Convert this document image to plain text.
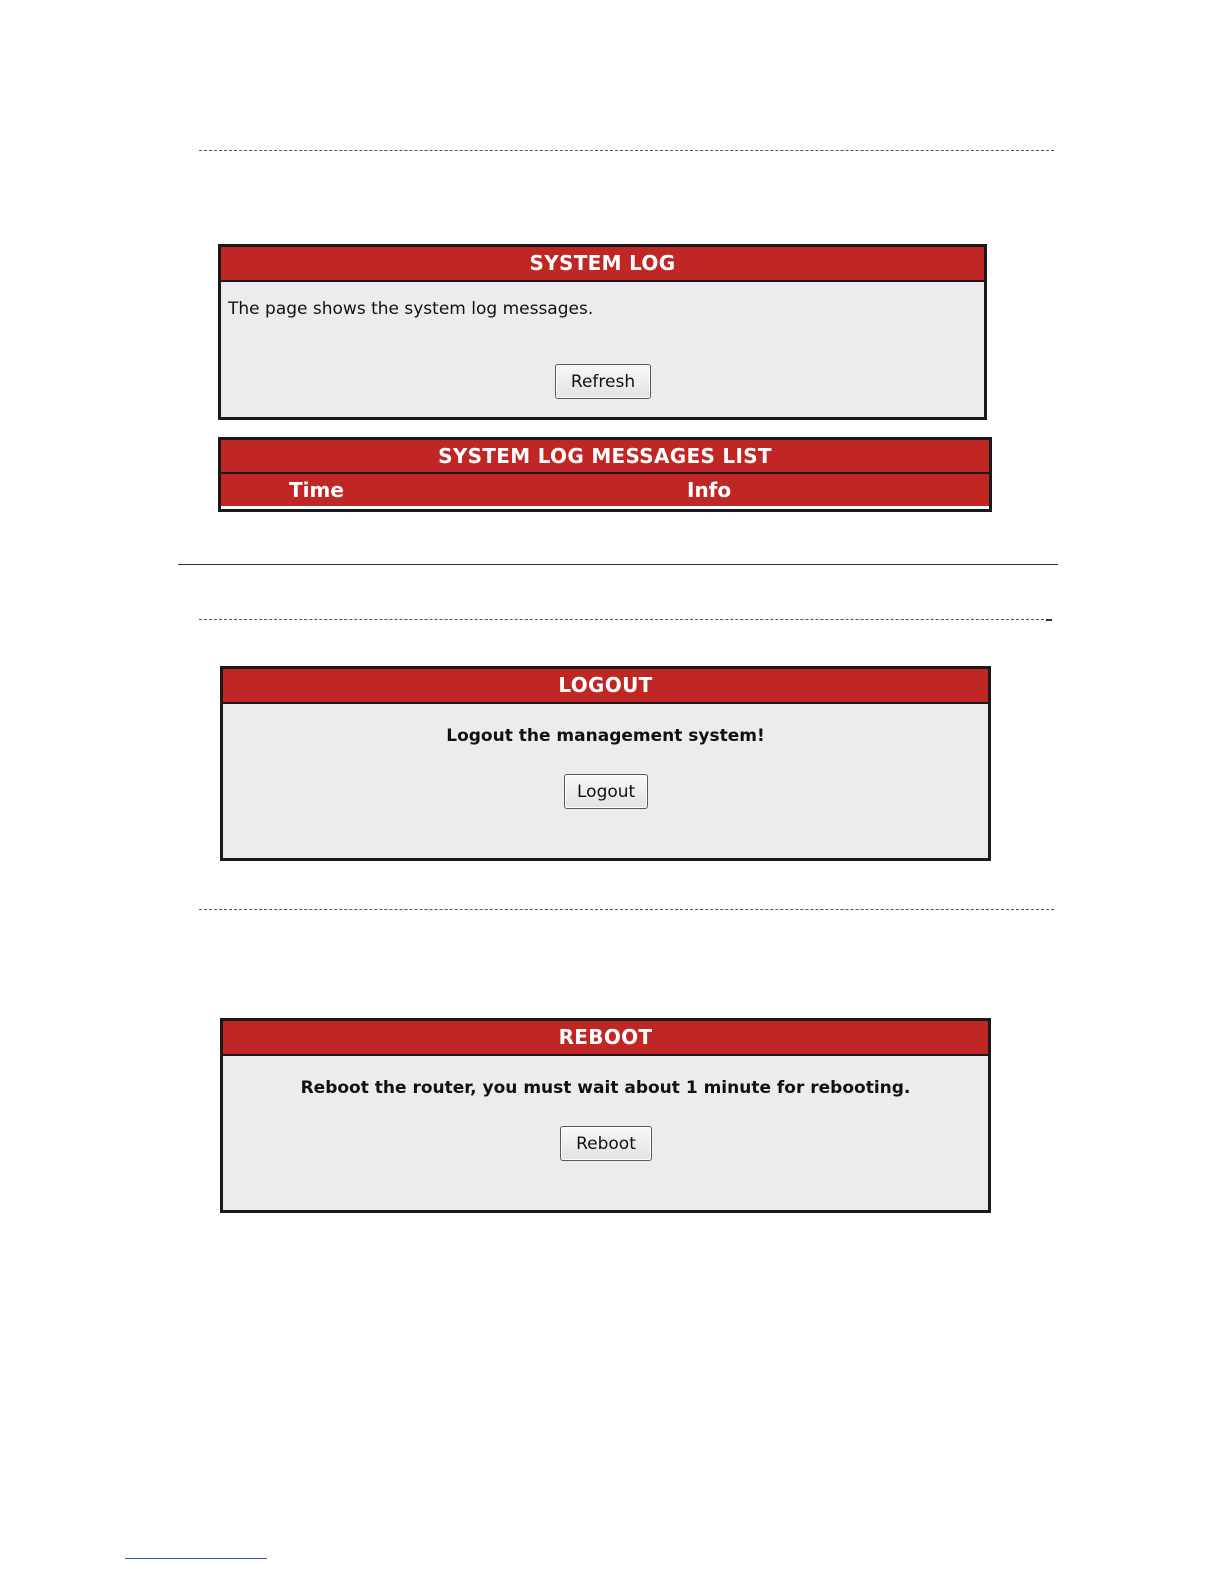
SYSTEM LOG
The page shows the system log messages.
Refresh
SYSTEM LOG MESSAGES LIST
Time	Info
LOGOUT
Logout the management system!
Logout
REBOOT
Reboot the router, you must wait about 1 minute for rebooting.
Reboot
